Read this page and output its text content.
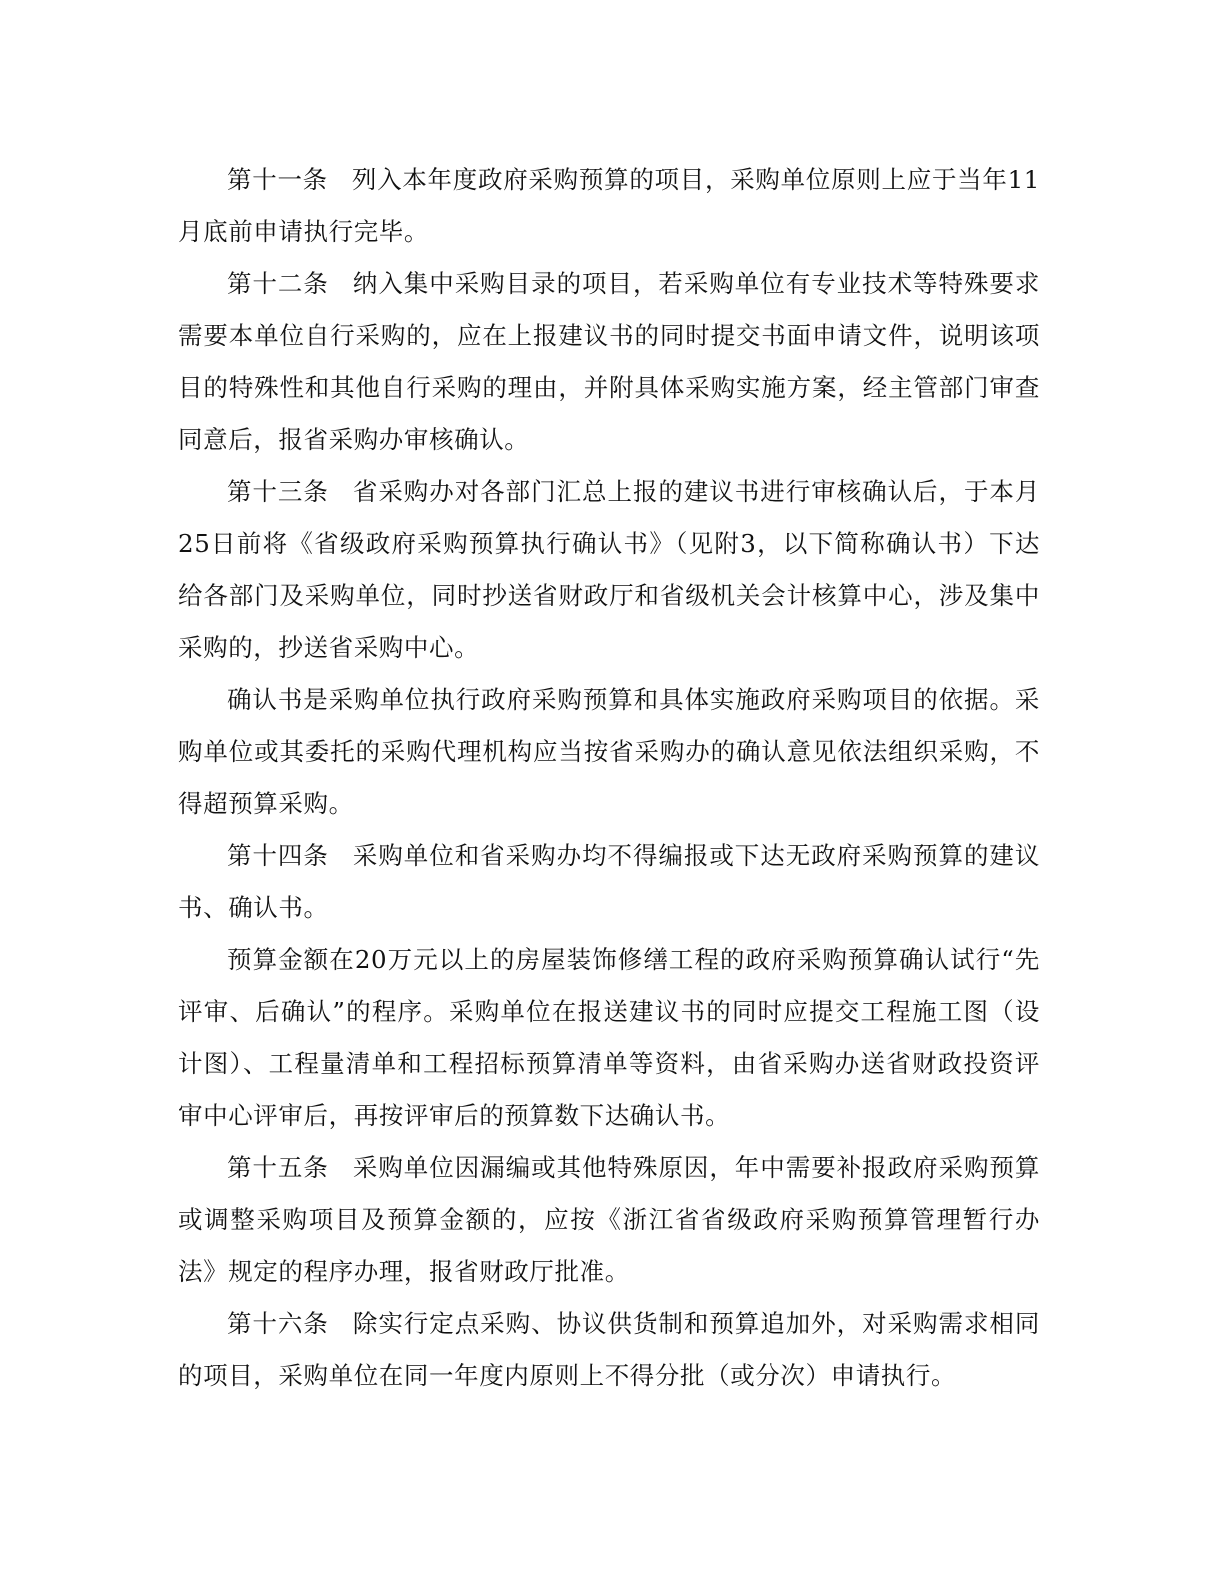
第十一条 列入本年度政府采购预算的项目，采购单位原则上应于当年11月底前申请执行完毕。

第十二条 纳入集中采购目录的项目，若采购单位有专业技术等特殊要求需要本单位自行采购的，应在上报建议书的同时提交书面申请文件，说明该项目的特殊性和其他自行采购的理由，并附具体采购实施方案，经主管部门审查同意后，报省采购办审核确认。

第十三条 省采购办对各部门汇总上报的建议书进行审核确认后，于本月25日前将《省级政府采购预算执行确认书》（见附3，以下简称确认书）下达给各部门及采购单位，同时抄送省财政厅和省级机关会计核算中心，涉及集中采购的，抄送省采购中心。

确认书是采购单位执行政府采购预算和具体实施政府采购项目的依据。采购单位或其委托的采购代理机构应当按省采购办的确认意见依法组织采购，不得超预算采购。

第十四条 采购单位和省采购办均不得编报或下达无政府采购预算的建议书、确认书。

预算金额在20万元以上的房屋装饰修缮工程的政府采购预算确认试行“先评审、后确认”的程序。采购单位在报送建议书的同时应提交工程施工图（设计图）、工程量清单和工程招标预算清单等资料，由省采购办送省财政投资评审中心评审后，再按评审后的预算数下达确认书。

第十五条 采购单位因漏编或其他特殊原因，年中需要补报政府采购预算或调整采购项目及预算金额的，应按《浙江省省级政府采购预算管理暂行办法》规定的程序办理，报省财政厅批准。

第十六条 除实行定点采购、协议供货制和预算追加外，对采购需求相同的项目，采购单位在同一年度内原则上不得分批（或分次）申请执行。
